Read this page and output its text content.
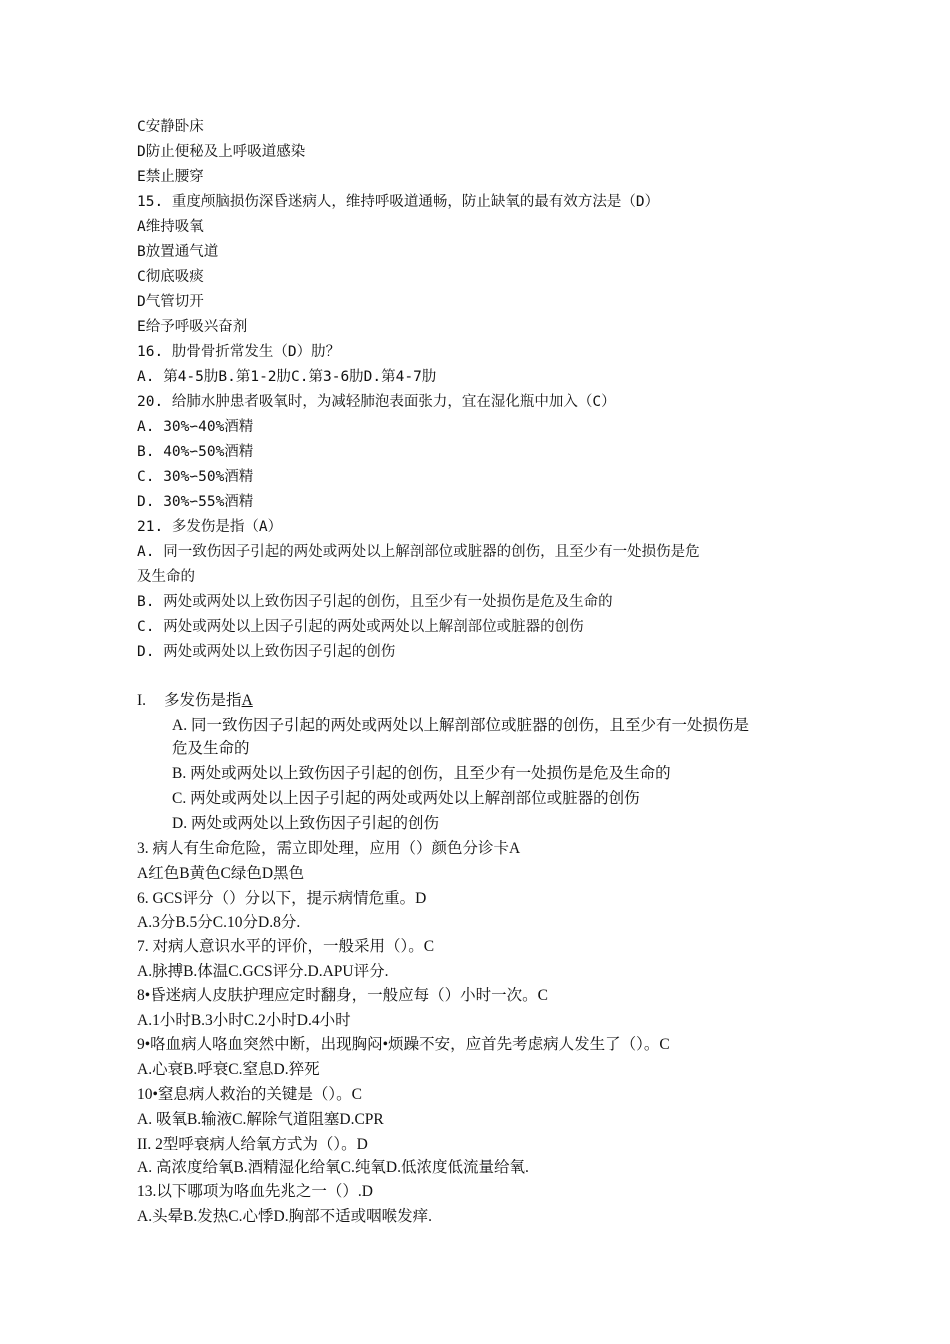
C安静卧床
D防止便秘及上呼吸道感染
E禁止腰穿
15. 重度颅脑损伤深昏迷病人，维持呼吸道通畅，防止缺氧的最有效方法是（D）
A维持吸氧
B放置通气道
C彻底吸痰
D气管切开
E给予呼吸兴奋剂
16. 肋骨骨折常发生（D）肋？
A. 第4-5肋B.第1-2肋C.第3-6肋D.第4-7肋
20. 给肺水肿患者吸氧时，为减轻肺泡表面张力，宜在湿化瓶中加入（C）
A. 30%∽40%酒精
B. 40%∽50%酒精
C. 30%∽50%酒精
D. 30%∽55%酒精
21. 多发伤是指（A）
A. 同一致伤因子引起的两处或两处以上解剖部位或脏器的创伤，且至少有一处损伤是危
及生命的
B. 两处或两处以上致伤因子引起的创伤，且至少有一处损伤是危及生命的
C. 两处或两处以上因子引起的两处或两处以上解剖部位或脏器的创伤
D. 两处或两处以上致伤因子引起的创伤
I. 多发伤是指A
A. 同一致伤因子引起的两处或两处以上解剖部位或脏器的创伤，且至少有一处损伤是
危及生命的
B. 两处或两处以上致伤因子引起的创伤，且至少有一处损伤是危及生命的
C. 两处或两处以上因子引起的两处或两处以上解剖部位或脏器的创伤
D. 两处或两处以上致伤因子引起的创伤
3. 病人有生命危险，需立即处理，应用（）颜色分诊卡A
A红色B黄色C绿色D黑色
6. GCS评分（）分以下，提示病情危重。D
A.3分B.5分C.10分D.8分.
7. 对病人意识水平的评价，一般采用（）。C
A.脉搏B.体温C.GCS评分.D.APU评分.
8•昏迷病人皮肤护理应定时翻身，一般应每（）小时一次。C
A.1小时B.3小时C.2小时D.4小时
9•咯血病人咯血突然中断，出现胸闷•烦躁不安，应首先考虑病人发生了（）。C
A.心衰B.呼衰C.窒息D.猝死
10•窒息病人救治的关键是（）。C
A. 吸氧B.输液C.解除气道阻塞D.CPR
II. 2型呼衰病人给氧方式为（）。D
A. 高浓度给氧B.酒精湿化给氧C.纯氧D.低浓度低流量给氧.
13.以下哪项为咯血先兆之一（）.D
A.头晕B.发热C.心悸D.胸部不适或咽喉发痒.
